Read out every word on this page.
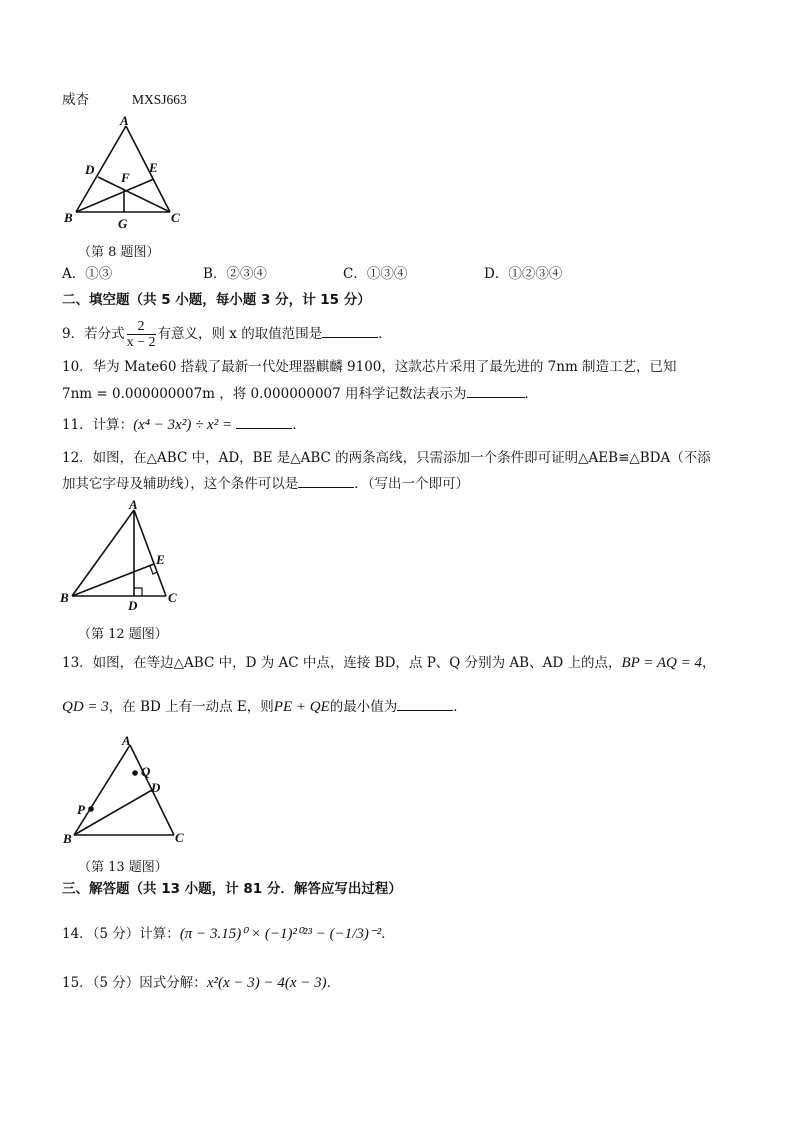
威杏	MXSJ663
A
B	C
D	E
F
G
（第 8 题图）
A．①③	B．②③④	C．①③④	D．①②③④
二、填空题（共 5 小题，每小题 3 分，计 15 分）
9．若分式 $\frac{2}{x - 2}$ 有意义，则 x 的取值范围是	．
10．华为 Mate60 搭载了最新一代处理器麒麟 9100，这款芯片采用了最先进的 7nm 制造工艺，已知
7nm = 0.000000007m ，将 0.000000007 用科学记数法表示为	．
11．计算：(x⁴ − 3x²) ÷ x² =	．
12．如图，在△ABC 中，AD，BE 是△ABC 的两条高线，只需添加一个条件即可证明△AEB≌△BDA（不添
加其它字母及辅助线），这个条件可以是	．（写出一个即可）
A
B	C
D
E
（第 12 题图）
13．如图，在等边△ABC 中，D 为 AC 中点，连接 BD，点 P、Q 分别为 AB、AD 上的点，BP = AQ = 4，
QD = 3，在 BD 上有一动点 E，则PE + QE的最小值为	．
A
B	C
D
P
Q
（第 13 题图）
三、解答题（共 13 小题，计 81 分．解答应写出过程）
14．（5 分）计算：(π − 3.15)⁰ × (−1)²⁰²³ − (−1/3)⁻²．
15．（5 分）因式分解：x²(x − 3) − 4(x − 3)．
